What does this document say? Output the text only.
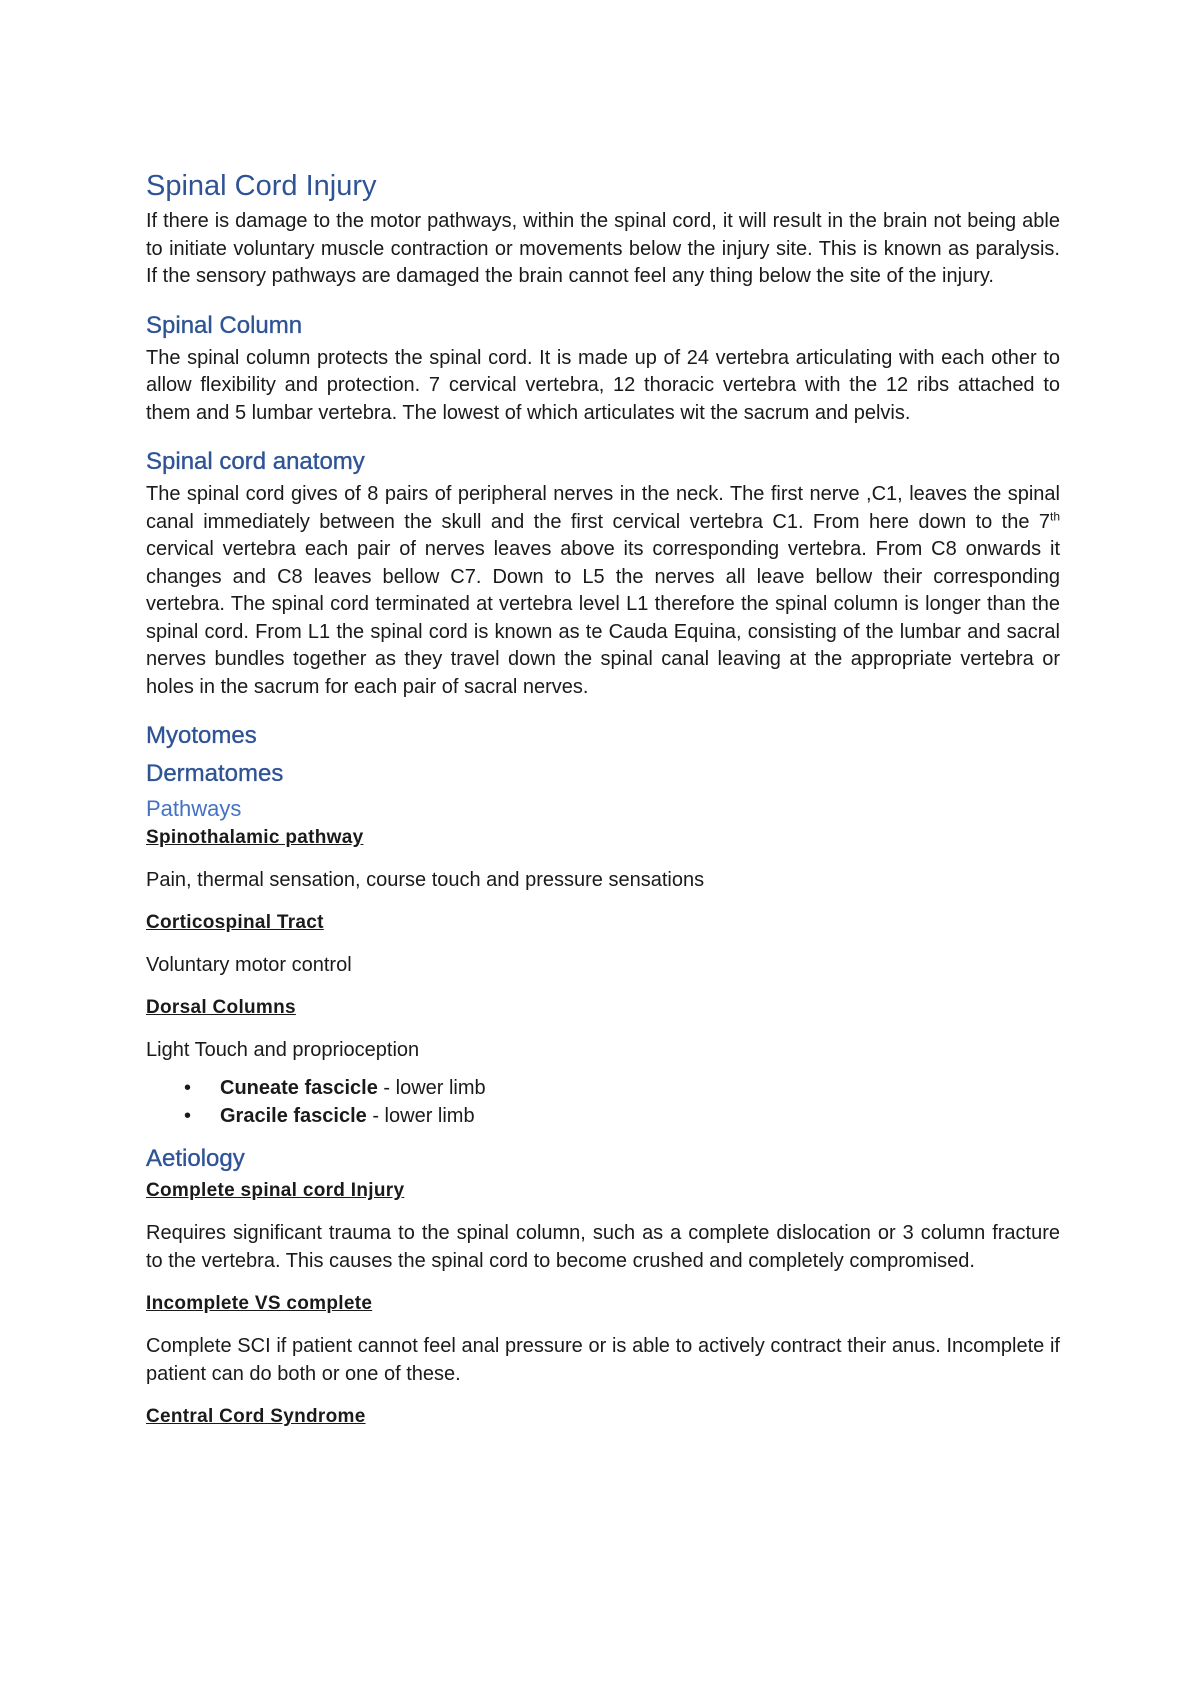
Spinal Cord Injury

If there is damage to the motor pathways, within the spinal cord, it will result in the brain not being able to initiate voluntary muscle contraction or movements below the injury site. This is known as paralysis. If the sensory pathways are damaged the brain cannot feel any thing below the site of the injury.

Spinal Column

The spinal column protects the spinal cord. It is made up of 24 vertebra articulating with each other to allow flexibility and protection. 7 cervical vertebra, 12 thoracic vertebra with the 12 ribs attached to them and 5 lumbar vertebra. The lowest of which articulates wit the sacrum and pelvis.

Spinal cord anatomy

The spinal cord gives of 8 pairs of peripheral nerves in the neck. The first nerve ,C1, leaves the spinal canal immediately between the skull and the first cervical vertebra C1. From here down to the 7th cervical vertebra each pair of nerves leaves above its corresponding vertebra. From C8 onwards it changes and C8 leaves bellow C7. Down to L5 the nerves all leave bellow their corresponding vertebra. The spinal cord terminated at vertebra level L1 therefore the spinal column is longer than the spinal cord. From L1 the spinal cord is known as te Cauda Equina, consisting of the lumbar and sacral nerves bundles together as they travel down the spinal canal leaving at the appropriate vertebra or holes in the sacrum for each pair of sacral nerves.

Myotomes
Dermatomes
Pathways
Spinothalamic pathway
Pain, thermal sensation, course touch and pressure sensations
Corticospinal Tract
Voluntary motor control
Dorsal Columns
Light Touch and proprioception
• Cuneate fascicle - lower limb
• Gracile fascicle - lower limb
Aetiology
Complete spinal cord Injury

Requires significant trauma to the spinal column, such as a complete dislocation or 3 column fracture to the vertebra. This causes the spinal cord to become crushed and completely compromised.

Incomplete VS complete

Complete SCI if patient cannot feel anal pressure or is able to actively contract their anus. Incomplete if patient can do both or one of these.

Central Cord Syndrome
